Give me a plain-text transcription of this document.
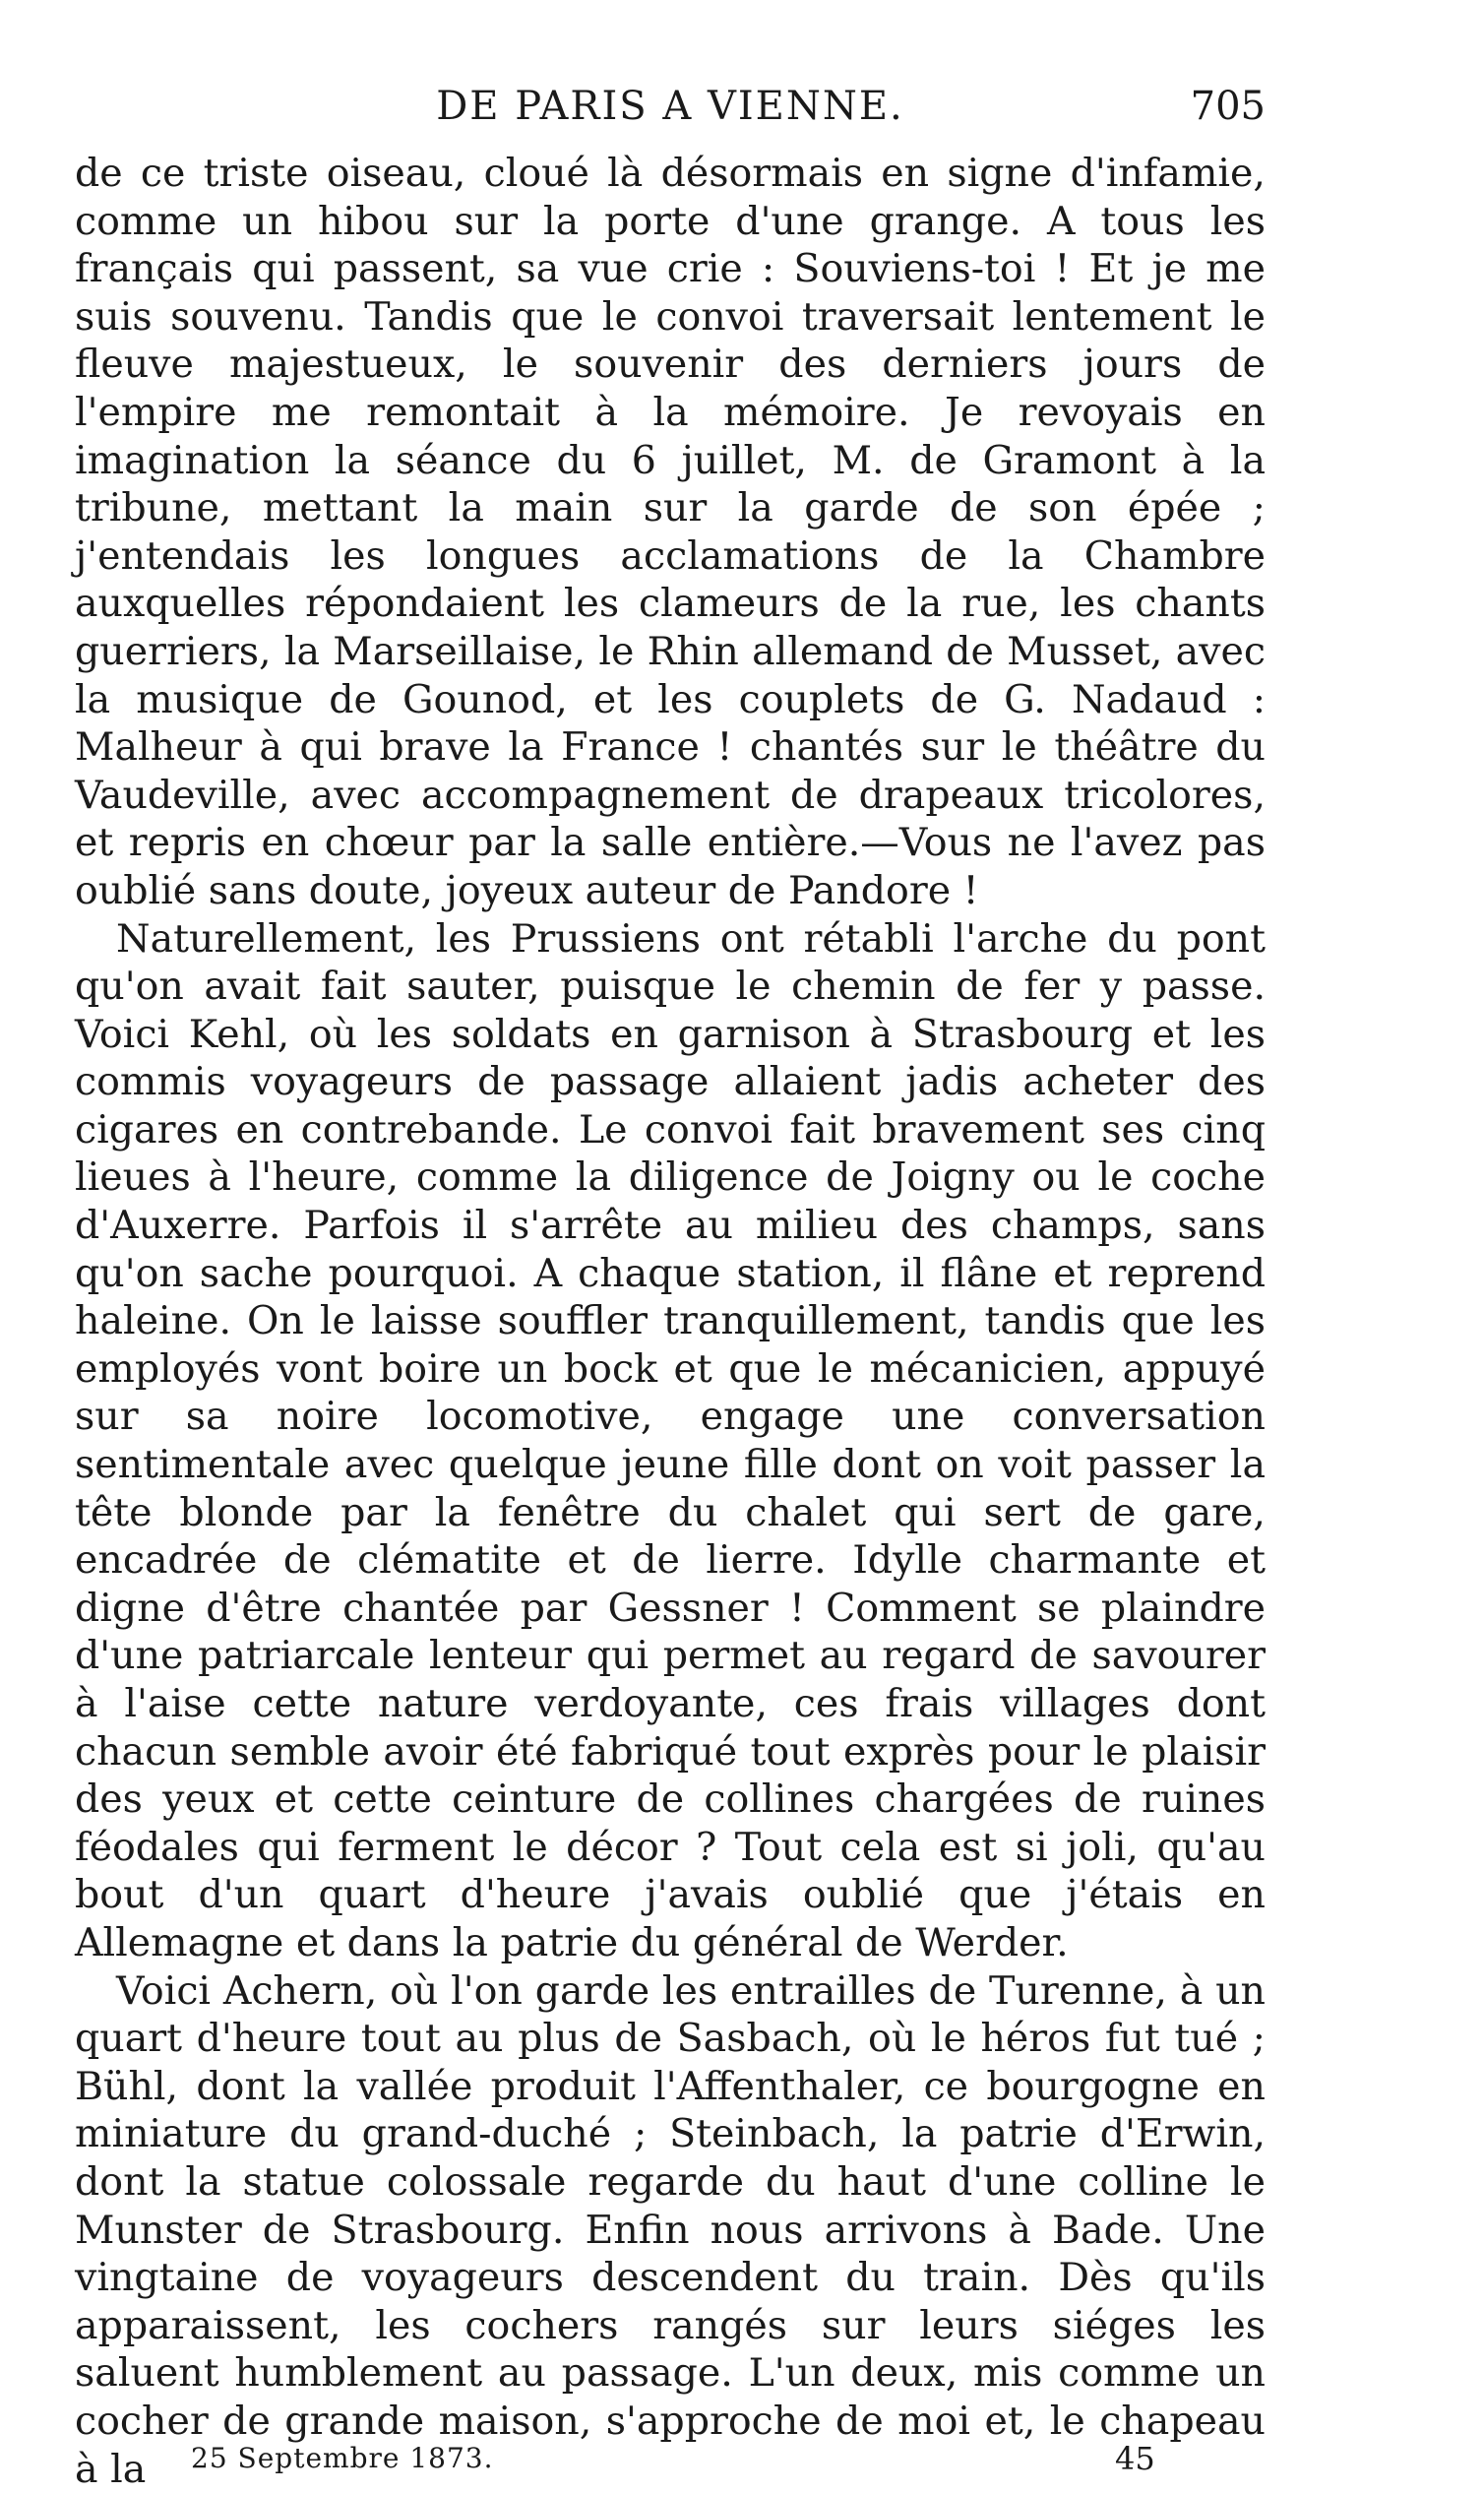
DE PARIS A VIENNE.	705

de ce triste oiseau, cloué là désormais en signe d'infamie, comme un hibou sur la porte d'une grange. A tous les français qui passent, sa vue crie : Souviens-toi ! Et je me suis souvenu. Tandis que le convoi traversait lentement le fleuve majestueux, le souvenir des derniers jours de l'empire me remontait à la mémoire. Je revoyais en imagination la séance du 6 juillet, M. de Gramont à la tribune, mettant la main sur la garde de son épée ; j'entendais les longues acclamations de la Chambre auxquelles répondaient les clameurs de la rue, les chants guerriers, la Marseillaise, le Rhin allemand de Musset, avec la musique de Gounod, et les couplets de G. Nadaud : Malheur à qui brave la France ! chantés sur le théâtre du Vaudeville, avec accompagnement de drapeaux tricolores, et repris en chœur par la salle entière.—Vous ne l'avez pas oublié sans doute, joyeux auteur de Pandore !

Naturellement, les Prussiens ont rétabli l'arche du pont qu'on avait fait sauter, puisque le chemin de fer y passe. Voici Kehl, où les soldats en garnison à Strasbourg et les commis voyageurs de passage allaient jadis acheter des cigares en contrebande. Le convoi fait bravement ses cinq lieues à l'heure, comme la diligence de Joigny ou le coche d'Auxerre. Parfois il s'arrête au milieu des champs, sans qu'on sache pourquoi. A chaque station, il flâne et reprend haleine. On le laisse souffler tranquillement, tandis que les employés vont boire un bock et que le mécanicien, appuyé sur sa noire locomotive, engage une conversation sentimentale avec quelque jeune fille dont on voit passer la tête blonde par la fenêtre du chalet qui sert de gare, encadrée de clématite et de lierre. Idylle charmante et digne d'être chantée par Gessner ! Comment se plaindre d'une patriarcale lenteur qui permet au regard de savourer à l'aise cette nature verdoyante, ces frais villages dont chacun semble avoir été fabriqué tout exprès pour le plaisir des yeux et cette ceinture de collines chargées de ruines féodales qui ferment le décor ? Tout cela est si joli, qu'au bout d'un quart d'heure j'avais oublié que j'étais en Allemagne et dans la patrie du général de Werder.

Voici Achern, où l'on garde les entrailles de Turenne, à un quart d'heure tout au plus de Sasbach, où le héros fut tué ; Bühl, dont la vallée produit l'Affenthaler, ce bourgogne en miniature du grand-duché ; Steinbach, la patrie d'Erwin, dont la statue colossale regarde du haut d'une colline le Munster de Strasbourg. Enfin nous arrivons à Bade. Une vingtaine de voyageurs descendent du train. Dès qu'ils apparaissent, les cochers rangés sur leurs siéges les saluent humblement au passage. L'un deux, mis comme un cocher de grande maison, s'approche de moi et, le chapeau à la	25 Septembre 1873.	45
